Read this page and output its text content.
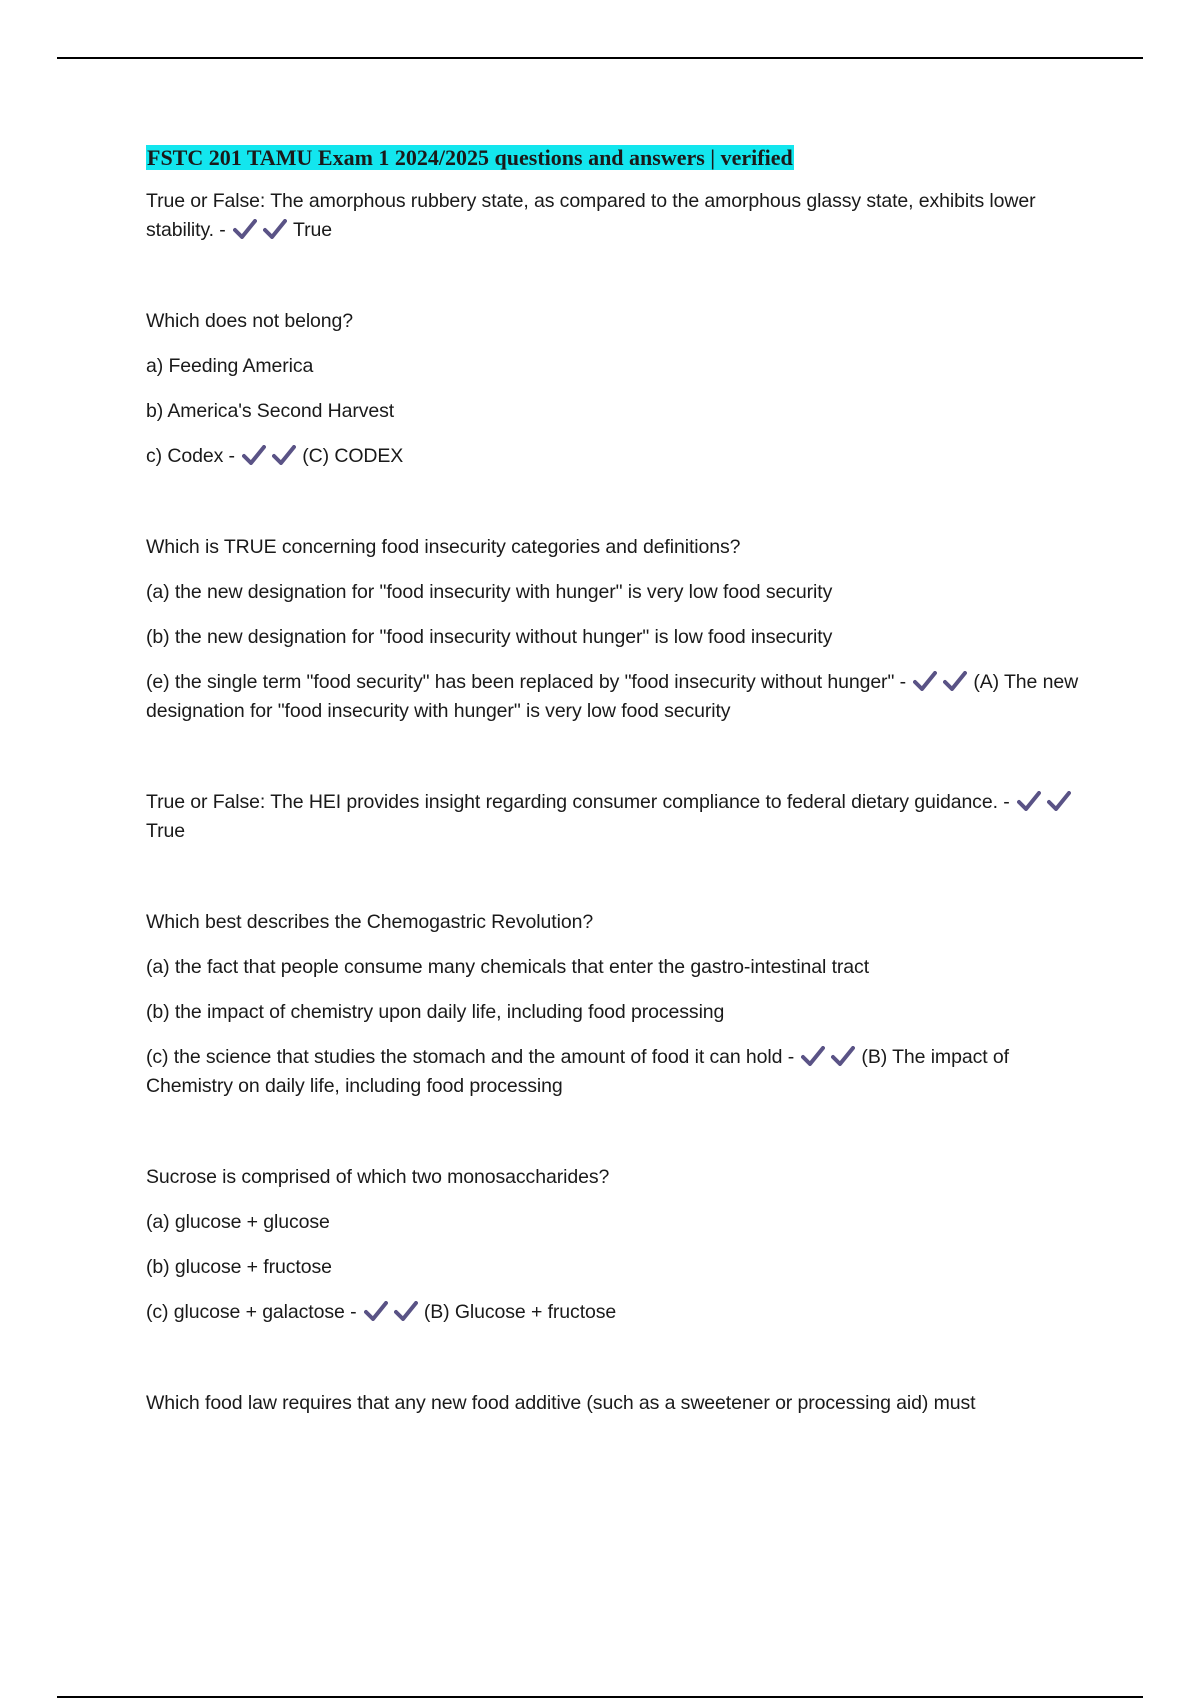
FSTC 201 TAMU Exam 1 2024/2025 questions and answers | verified

True or False: The amorphous rubbery state, as compared to the amorphous glassy state, exhibits lower stability. -	True

Which does not belong?

a) Feeding America

b) America's Second Harvest

c) Codex -	(C) CODEX

Which is TRUE concerning food insecurity categories and definitions?

(a) the new designation for "food insecurity with hunger" is very low food security

(b) the new designation for "food insecurity without hunger" is low food insecurity

(e) the single term "food security" has been replaced by "food insecurity without hunger" -	(A) The new designation for "food insecurity with hunger" is very low food security

True or False: The HEI provides insight regarding consumer compliance to federal dietary guidance. - True

Which best describes the Chemogastric Revolution?

(a) the fact that people consume many chemicals that enter the gastro-intestinal tract

(b) the impact of chemistry upon daily life, including food processing

(c) the science that studies the stomach and the amount of food it can hold -	(B) The impact of Chemistry on daily life, including food processing

Sucrose is comprised of which two monosaccharides?

(a) glucose + glucose

(b) glucose + fructose

(c) glucose + galactose -	(B) Glucose + fructose

Which food law requires that any new food additive (such as a sweetener or processing aid) must
